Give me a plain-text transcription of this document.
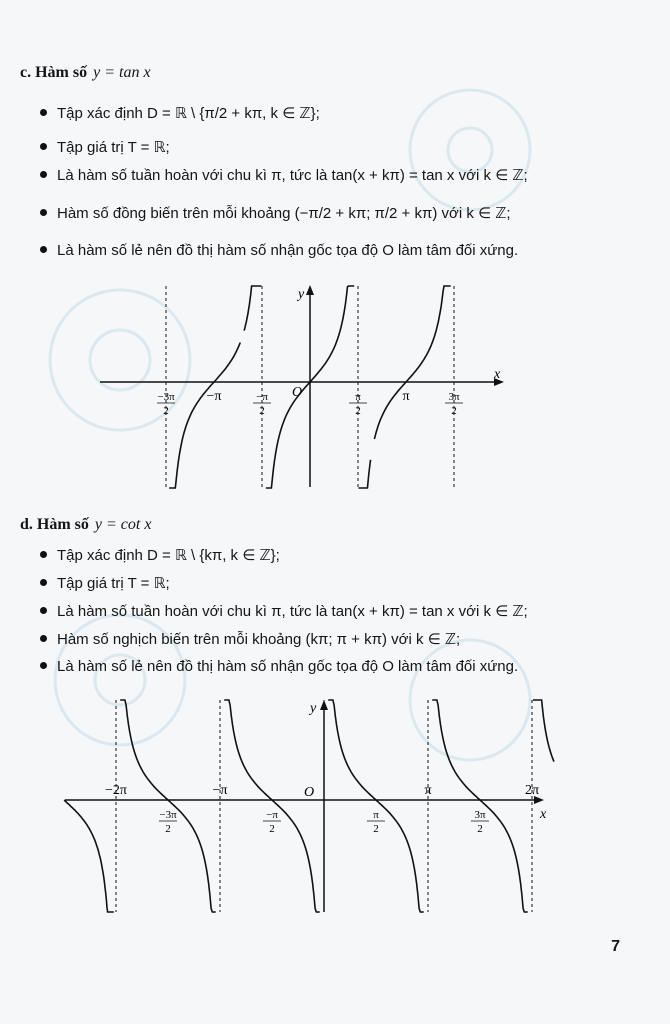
c. Hàm số y = tan x
Tập xác định D = ℝ \ {π/2 + kπ, k ∈ ℤ};
Tập giá trị T = ℝ;
Là hàm số tuần hoàn với chu kì π, tức là tan(x + kπ) = tan x với k ∈ ℤ;
Hàm số đồng biến trên mỗi khoảng (−π/2 + kπ; π/2 + kπ) với k ∈ ℤ;
Là hàm số lẻ nên đồ thị hàm số nhận gốc tọa độ O làm tâm đối xứng.
x
y
O
−3π
2
−π	−π
2
π
2
π	3π
2
d. Hàm số y = cot x
Tập xác định D = ℝ \ {kπ, k ∈ ℤ};
Tập giá trị T = ℝ;
Là hàm số tuần hoàn với chu kì π, tức là tan(x + kπ) = tan x với k ∈ ℤ;
Hàm số nghịch biến trên mỗi khoảng (kπ; π + kπ) với k ∈ ℤ;
Là hàm số lẻ nên đồ thị hàm số nhận gốc tọa độ O làm tâm đối xứng.
x
y
O
−2π
−3π
2
−π
−π
2
π
2
π
3π
2
2π
7
